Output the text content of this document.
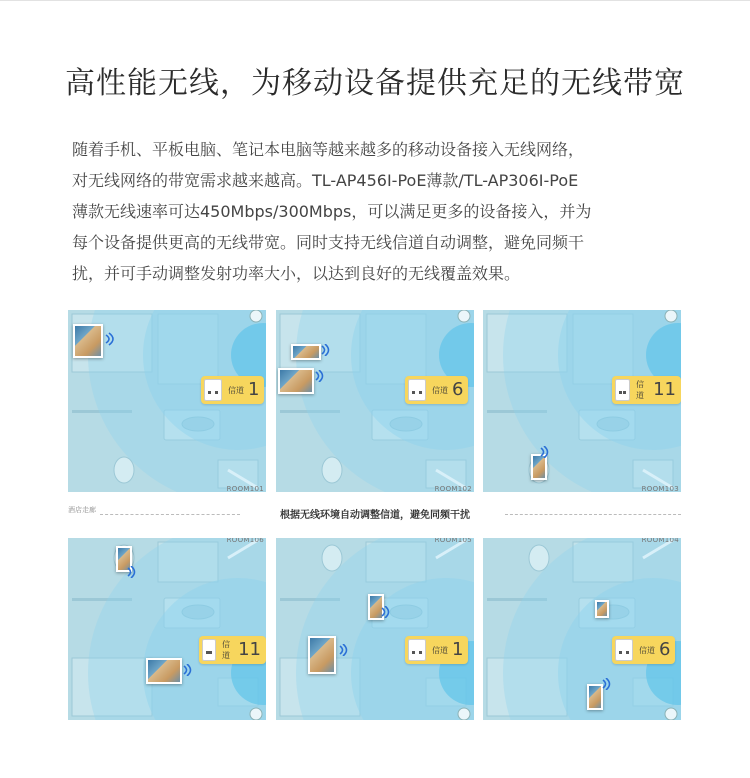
高性能无线，为移动设备提供充足的无线带宽

随着手机、平板电脑、笔记本电脑等越来越多的移动设备接入无线网络，
对无线网络的带宽需求越来越高。TL-AP456I-PoE薄款/TL-AP306I-PoE
薄款无线速率可达450Mbps/300Mbps，可以满足更多的设备接入，并为
每个设备提供更高的无线带宽。同时支持无线信道自动调整，避免同频干
扰，并可手动调整发射功率大小，以达到良好的无线覆盖效果。

信道 1
ROOM101
信道 6
ROOM102
信道 11
ROOM103
酒店走廊	根据无线环境自动调整信道，避免同频干扰
信道 11
ROOM106
信道 1
ROOM105
信道 6
ROOM104
